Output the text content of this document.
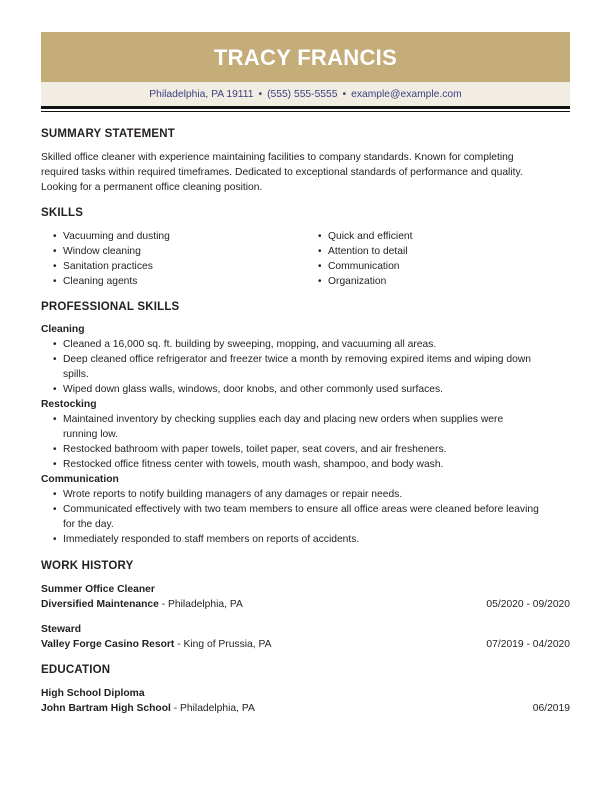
TRACY FRANCIS
Philadelphia, PA 19111 • (555) 555-5555 • example@example.com
SUMMARY STATEMENT
Skilled office cleaner with experience maintaining facilities to company standards. Known for completing
required tasks within required timeframes. Dedicated to exceptional standards of performance and quality.
Looking for a permanent office cleaning position.
SKILLS
• Vacuuming and dusting
• Window cleaning
• Sanitation practices
• Cleaning agents
• Quick and efficient
• Attention to detail
• Communication
• Organization
PROFESSIONAL SKILLS
Cleaning
• Cleaned a 16,000 sq. ft. building by sweeping, mopping, and vacuuming all areas.
• Deep cleaned office refrigerator and freezer twice a month by removing expired items and wiping down spills.
• Wiped down glass walls, windows, door knobs, and other commonly used surfaces.
Restocking
• Maintained inventory by checking supplies each day and placing new orders when supplies were running low.
• Restocked bathroom with paper towels, toilet paper, seat covers, and air fresheners.
• Restocked office fitness center with towels, mouth wash, shampoo, and body wash.
Communication
• Wrote reports to notify building managers of any damages or repair needs.
• Communicated effectively with two team members to ensure all office areas were cleaned before leaving for the day.
• Immediately responded to staff members on reports of accidents.
WORK HISTORY
Summer Office Cleaner
Diversified Maintenance - Philadelphia, PA	05/2020 - 09/2020
Steward
Valley Forge Casino Resort - King of Prussia, PA	07/2019 - 04/2020
EDUCATION
High School Diploma
John Bartram High School - Philadelphia, PA	06/2019
